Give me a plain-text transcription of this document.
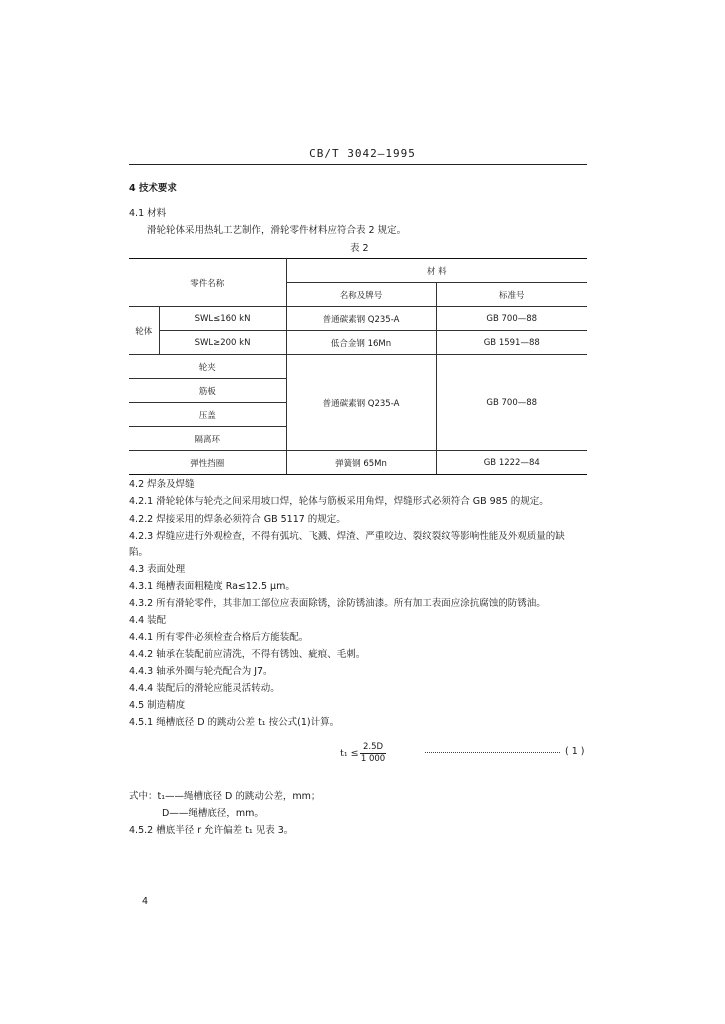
CB/T 3042—1995
4 技术要求
4.1 材料
滑轮轮体采用热轧工艺制作，滑轮零件材料应符合表 2 规定。
表 2
零件名称		材 料	
		名称及牌号	标准号
轮体	SWL≤160 kN	普通碳素钢 Q235-A	GB 700—88
	SWL≥200 kN	低合金钢 16Mn	GB 1591—88
轮夹		普通碳素钢 Q235-A	GB 700—88
筋板			
压盖			
隔离环			
弹性挡圈		弹簧钢 65Mn	GB 1222—84
4.2 焊条及焊缝
4.2.1 滑轮轮体与轮壳之间采用坡口焊，轮体与筋板采用角焊，焊缝形式必须符合 GB 985 的规定。
4.2.2 焊接采用的焊条必须符合 GB 5117 的规定。
4.2.3 焊缝应进行外观检查，不得有弧坑、飞溅、焊渣、严重咬边、裂纹裂纹等影响性能及外观质量的缺
陷。
4.3 表面处理
4.3.1 绳槽表面粗糙度 Ra≤12.5 μm。
4.3.2 所有滑轮零件，其非加工部位应表面除锈，涂防锈油漆。所有加工表面应涂抗腐蚀的防锈油。
4.4 装配
4.4.1 所有零件必须检查合格后方能装配。
4.4.2 轴承在装配前应清洗，不得有锈蚀、疵痕、毛刺。
4.4.3 轴承外圈与轮壳配合为 J7。
4.4.4 装配后的滑轮应能灵活转动。
4.5 制造精度
4.5.1 绳槽底径 D 的跳动公差 t₁ 按公式(1)计算。
$t_1 \le \frac{2.5D}{1 000}$	( 1 )
式中：t₁——绳槽底径 D 的跳动公差，mm；
D——绳槽底径，mm。
4.5.2 槽底半径 r 允许偏差 t₁ 见表 3。
4
